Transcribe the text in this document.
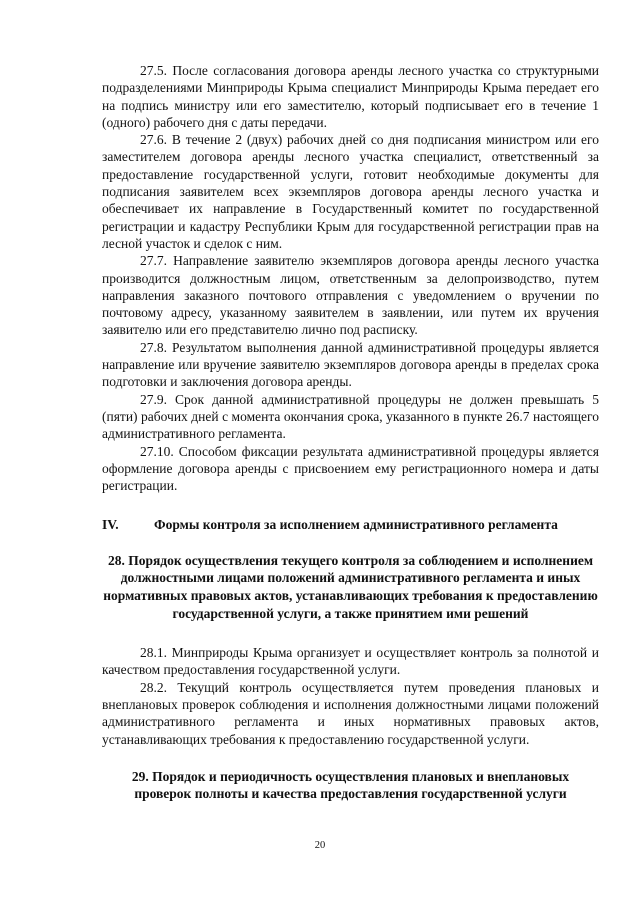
27.5. После согласования договора аренды лесного участка со структурными подразделениями Минприроды Крыма специалист Минприроды Крыма передает его на подпись министру или его заместителю, который подписывает его в течение 1 (одного) рабочего дня с даты передачи.

27.6. В течение 2 (двух) рабочих дней со дня подписания министром или его заместителем договора аренды лесного участка специалист, ответственный за предоставление государственной услуги, готовит необходимые документы для подписания заявителем всех экземпляров договора аренды лесного участка и обеспечивает их направление в Государственный комитет по государственной регистрации и кадастру Республики Крым для государственной регистрации прав на лесной участок и сделок с ним.

27.7. Направление заявителю экземпляров договора аренды лесного участка производится должностным лицом, ответственным за делопроизводство, путем направления заказного почтового отправления с уведомлением о вручении по почтовому адресу, указанному заявителем в заявлении, или путем их вручения заявителю или его представителю лично под расписку.

27.8. Результатом выполнения данной административной процедуры является направление или вручение заявителю экземпляров договора аренды в пределах срока подготовки и заключения договора аренды.

27.9. Срок данной административной процедуры не должен превышать 5 (пяти) рабочих дней с момента окончания срока, указанного в пункте 26.7 настоящего административного регламента.

27.10. Способом фиксации результата административной процедуры является оформление договора аренды с присвоением ему регистрационного номера и даты регистрации.

IV.	Формы контроля за исполнением административного регламента

28. Порядок осуществления текущего контроля за соблюдением и исполнением должностными лицами положений административного регламента и иных нормативных правовых актов, устанавливающих требования к предоставлению государственной услуги, а также принятием ими решений

28.1. Минприроды Крыма организует и осуществляет контроль за полнотой и качеством предоставления государственной услуги.

28.2. Текущий контроль осуществляется путем проведения плановых и внеплановых проверок соблюдения и исполнения должностными лицами положений административного регламента и иных нормативных правовых актов, устанавливающих требования к предоставлению государственной услуги.

29. Порядок и периодичность осуществления плановых и внеплановых проверок полноты и качества предоставления государственной услуги

20
